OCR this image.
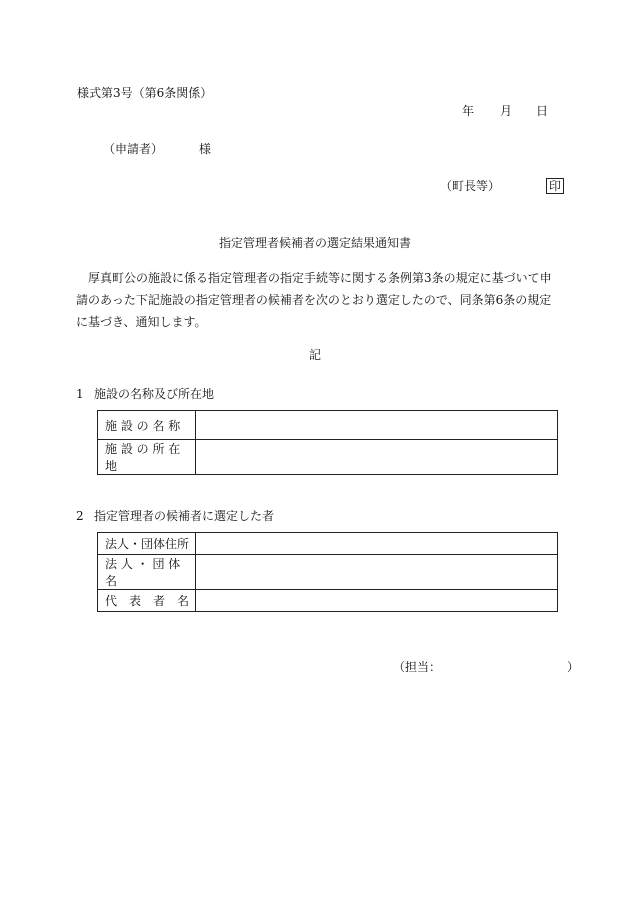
様式第3号（第6条関係）
年 月 日
（申請者）	様
（町長等）	印
指定管理者候補者の選定結果通知書
厚真町公の施設に係る指定管理者の指定手続等に関する条例第3条の規定に基づいて申請のあった下記施設の指定管理者の候補者を次のとおり選定したので、同条第6条の規定に基づき、通知します。
記
1 施設の名称及び所在地
施 設 の 名 称	
施 設 の 所 在 地	
2 指定管理者の候補者に選定した者
法人・団体住所	
法 人 ・ 団 体 名	
代　表　者　名	
（担当：	）
